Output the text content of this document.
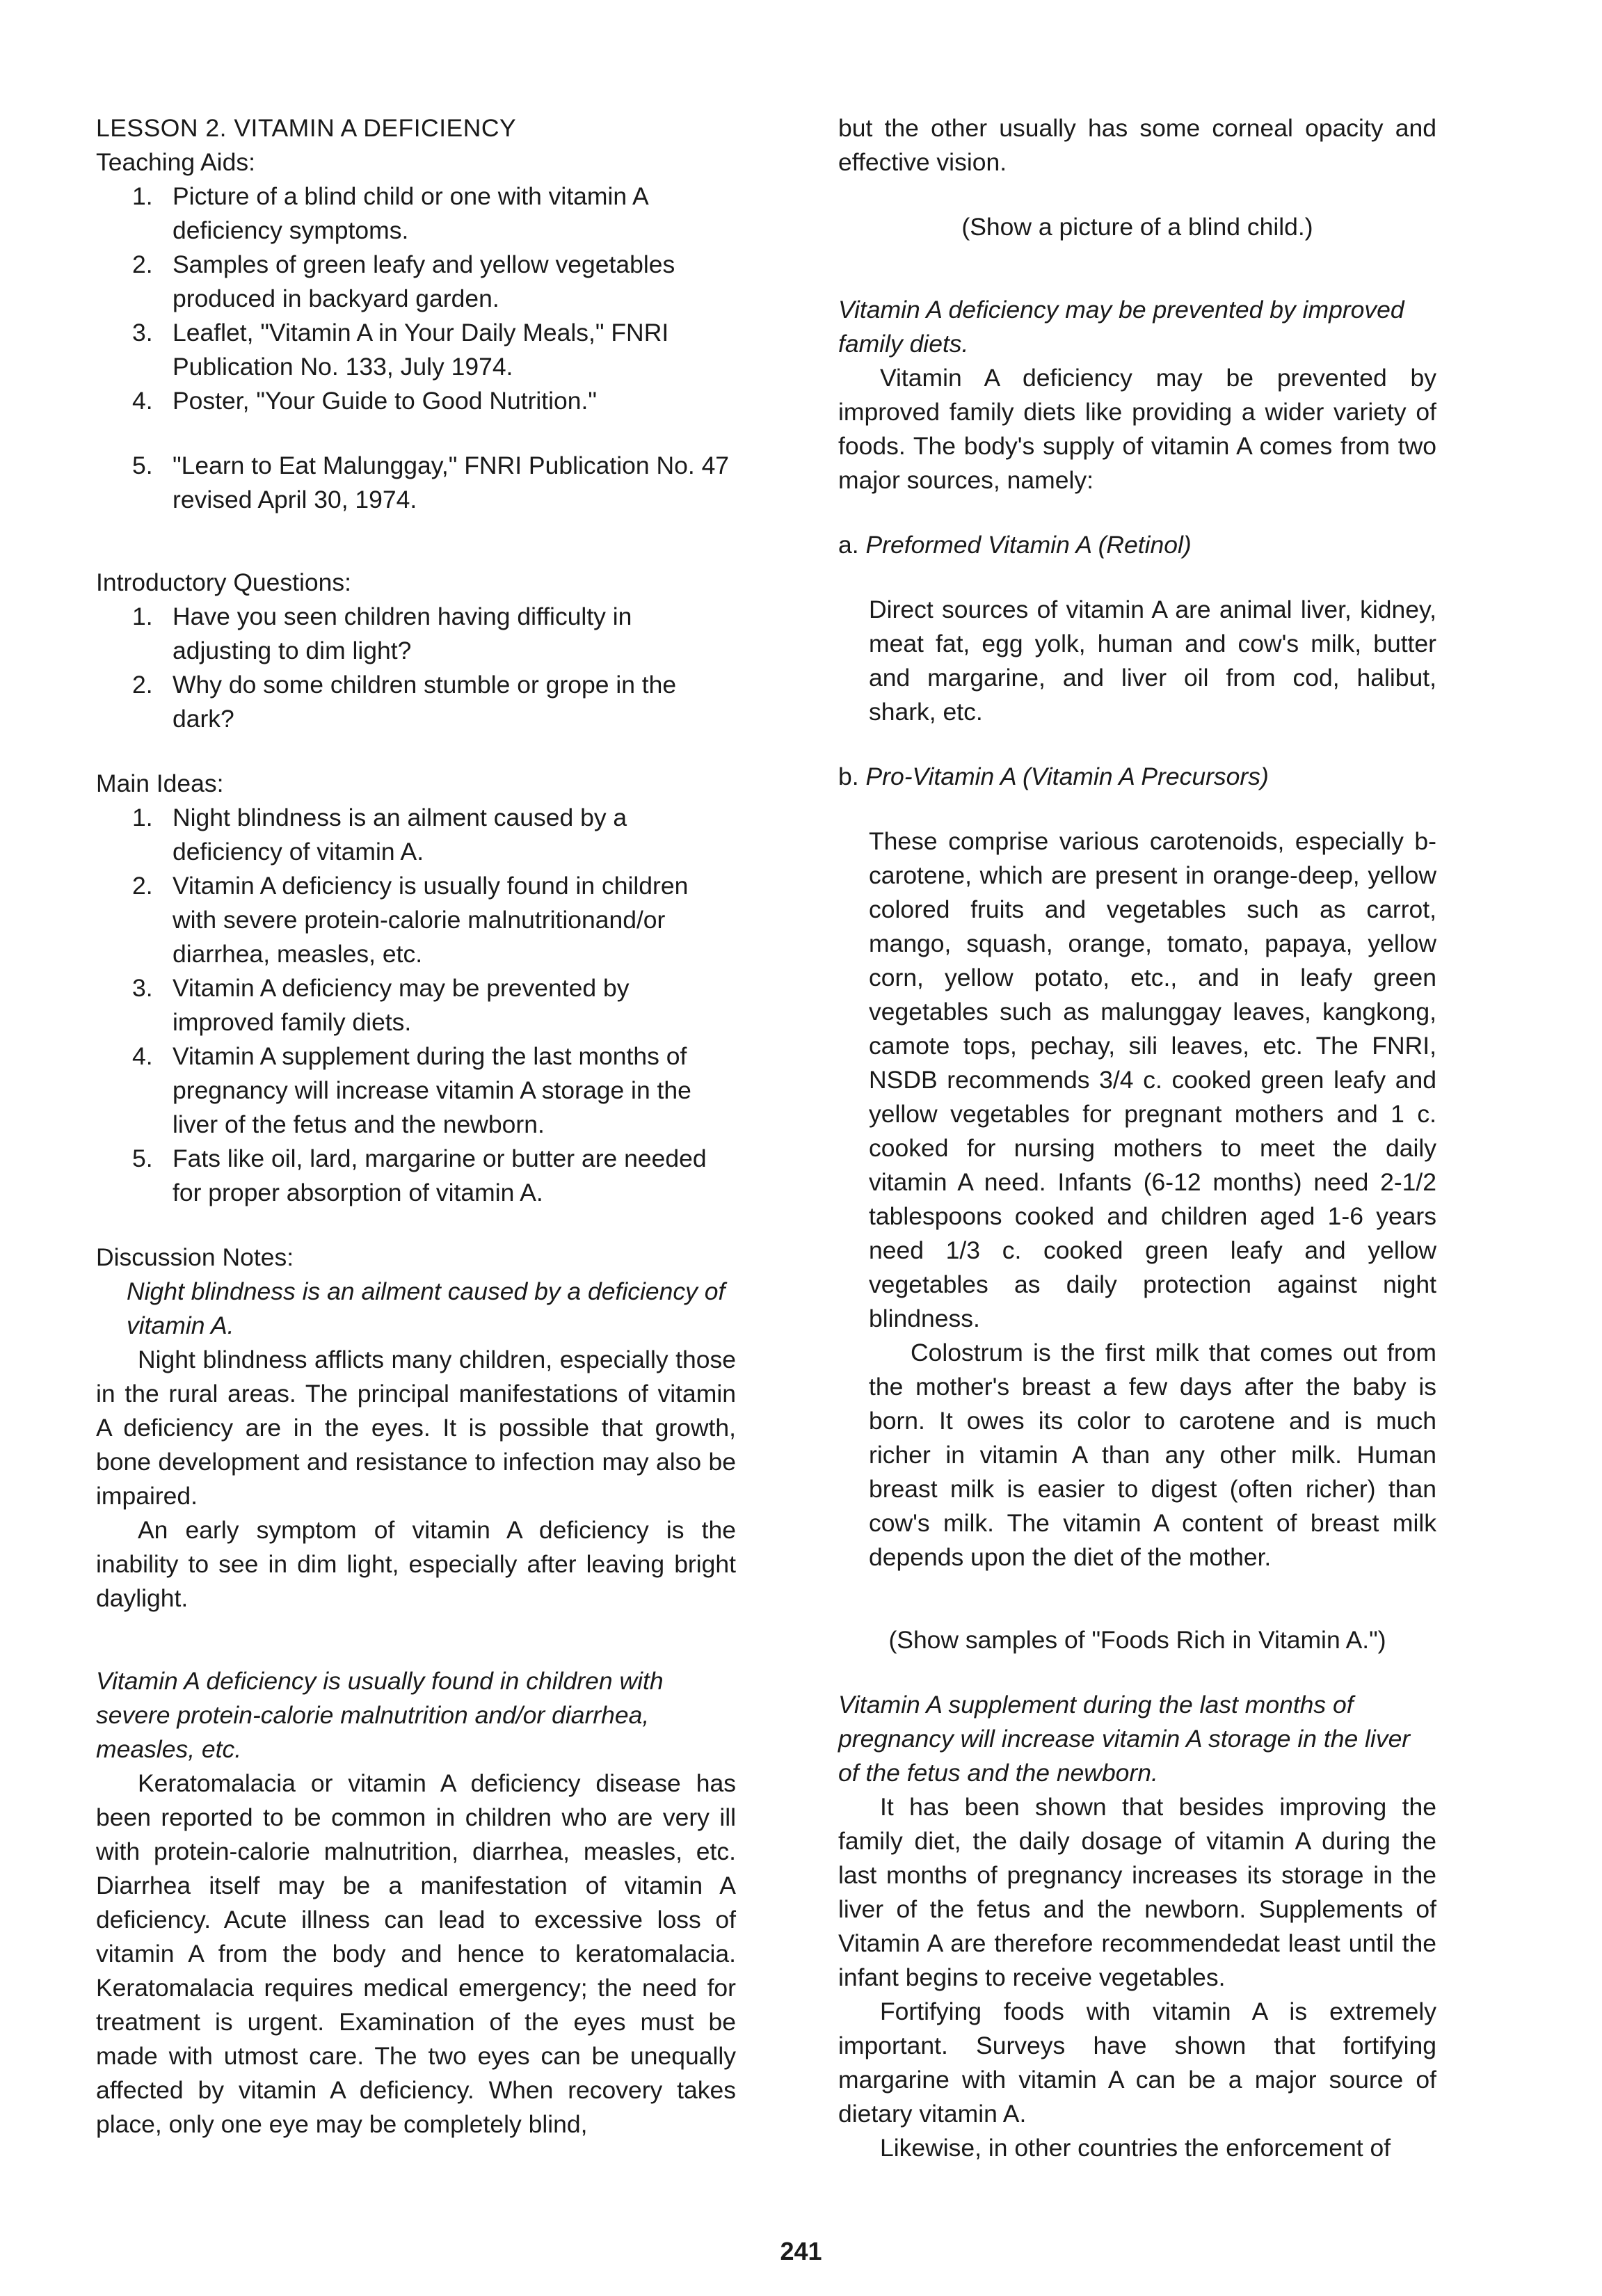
LESSON 2. VITAMIN A DEFICIENCY

Teaching Aids:

1. Picture of a blind child or one with vitamin A deficiency symptoms.
2. Samples of green leafy and yellow vegetables produced in backyard garden.
3. Leaflet, "Vitamin A in Your Daily Meals," FNRI Publication No. 133, July 1974.
4. Poster, "Your Guide to Good Nutrition."
5. "Learn to Eat Malunggay," FNRI Publication No. 47 revised April 30, 1974.

Introductory Questions:

1. Have you seen children having difficulty in adjusting to dim light?
2. Why do some children stumble or grope in the dark?

Main Ideas:

1. Night blindness is an ailment caused by a deficiency of vitamin A.
2. Vitamin A deficiency is usually found in children with severe protein-calorie malnutritionand/or diarrhea, measles, etc.
3. Vitamin A deficiency may be prevented by improved family diets.
4. Vitamin A supplement during the last months of pregnancy will increase vitamin A storage in the liver of the fetus and the newborn.
5. Fats like oil, lard, margarine or butter are needed for proper absorption of vitamin A.

Discussion Notes:

Night blindness is an ailment caused by a deficiency of vitamin A.

Night blindness afflicts many children, especially those in the rural areas. The principal manifestations of vitamin A deficiency are in the eyes. It is possible that growth, bone development and resistance to infection may also be impaired.

An early symptom of vitamin A deficiency is the inability to see in dim light, especially after leaving bright daylight.

Vitamin A deficiency is usually found in children with severe protein-calorie malnutrition and/or diarrhea, measles, etc.

Keratomalacia or vitamin A deficiency disease has been reported to be common in children who are very ill with protein-calorie malnutrition, diarrhea, measles, etc. Diarrhea itself may be a manifestation of vitamin A deficiency. Acute illness can lead to excessive loss of vitamin A from the body and hence to keratomalacia. Keratomalacia requires medical emergency; the need for treatment is urgent. Examination of the eyes must be made with utmost care. The two eyes can be unequally affected by vitamin A deficiency. When recovery takes place, only one eye may be completely blind,

but the other usually has some corneal opacity and effective vision.

(Show a picture of a blind child.)

Vitamin A deficiency may be prevented by improved family diets.

Vitamin A deficiency may be prevented by improved family diets like providing a wider variety of foods. The body's supply of vitamin A comes from two major sources, namely:

a. Preformed Vitamin A (Retinol)

Direct sources of vitamin A are animal liver, kidney, meat fat, egg yolk, human and cow's milk, butter and margarine, and liver oil from cod, halibut, shark, etc.

b. Pro-Vitamin A (Vitamin A Precursors)

These comprise various carotenoids, especially b-carotene, which are present in orange-deep, yellow colored fruits and vegetables such as carrot, mango, squash, orange, tomato, papaya, yellow corn, yellow potato, etc., and in leafy green vegetables such as malunggay leaves, kangkong, camote tops, pechay, sili leaves, etc. The FNRI, NSDB recommends 3/4 c. cooked green leafy and yellow vegetables for pregnant mothers and 1 c. cooked for nursing mothers to meet the daily vitamin A need. Infants (6-12 months) need 2-1/2 tablespoons cooked and children aged 1-6 years need 1/3 c. cooked green leafy and yellow vegetables as daily protection against night blindness.

Colostrum is the first milk that comes out from the mother's breast a few days after the baby is born. It owes its color to carotene and is much richer in vitamin A than any other milk. Human breast milk is easier to digest (often richer) than cow's milk. The vitamin A content of breast milk depends upon the diet of the mother.

(Show samples of "Foods Rich in Vitamin A.")

Vitamin A supplement during the last months of pregnancy will increase vitamin A storage in the liver of the fetus and the newborn.

It has been shown that besides improving the family diet, the daily dosage of vitamin A during the last months of pregnancy increases its storage in the liver of the fetus and the newborn. Supplements of Vitamin A are therefore recommendedat least until the infant begins to receive vegetables.

Fortifying foods with vitamin A is extremely important. Surveys have shown that fortifying margarine with vitamin A can be a major source of dietary vitamin A.

Likewise, in other countries the enforcement of

241
